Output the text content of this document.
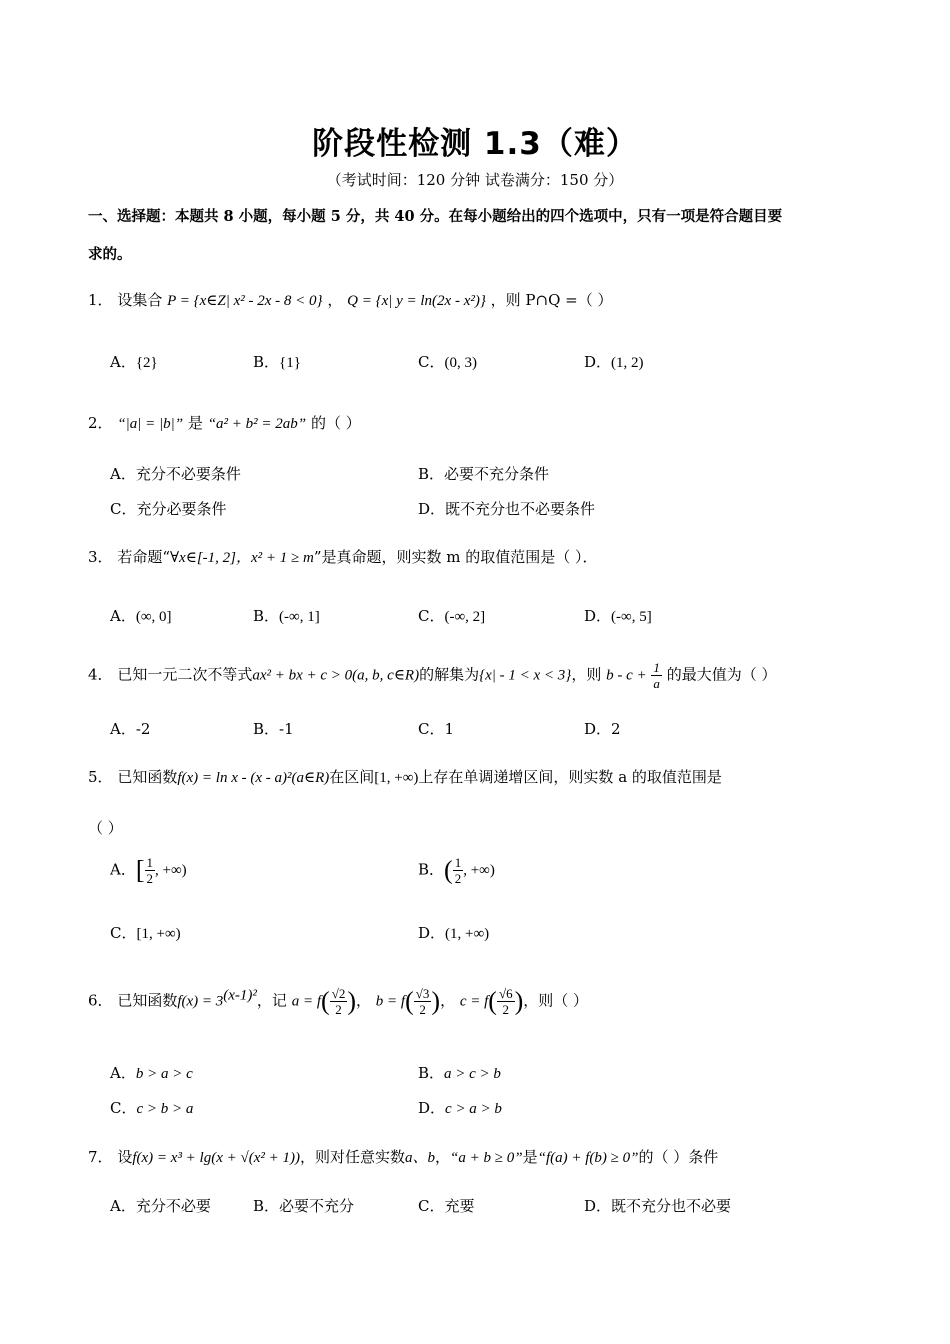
阶段性检测 1.3（难）
（考试时间：120 分钟 试卷满分：150 分）
一、选择题：本题共 8 小题，每小题 5 分，共 40 分。在每小题给出的四个选项中，只有一项是符合题目要
求的。
1． 设集合 P = {x∈Z| x² - 2x - 8 < 0} ， Q = {x| y = ln(2x - x²)} ，则 P∩Q =（ ）
A．{2}	B．{1}	C．(0, 3)	D．(1, 2)
2． “|a| = |b|” 是 “a² + b² = 2ab” 的（ ）
A．充分不必要条件	B．必要不充分条件
C．充分必要条件	D．既不充分也不必要条件
3． 若命题“∀x∈[-1, 2]，x² + 1 ≥ m”是真命题，则实数 m 的取值范围是（ ）．
A．(∞, 0]	B．(-∞, 1]	C．(-∞, 2]	D．(-∞, 5]
4． 已知一元二次不等式ax² + bx + c > 0(a, b, c∈R)的解集为{x| - 1 < x < 3}，则 $b - c + \frac{1}{a}$ 的最大值为（ ）
A．-2	B．-1	C．1	D．2
5． 已知函数f(x) = ln x - (x - a)²(a∈R)在区间[1, +∞)上存在单调递增区间，则实数 a 的取值范围是
（ ）
A．[ $\frac{1}{2}$ , +∞)	B．( $\frac{1}{2}$ , +∞)
C．[1, +∞)	D．(1, +∞)
6． 已知函数$f(x) = 3^{(x-1)^2}$，记 $a = f( \frac{√2}{2}$ )， $b = f( \frac{√3}{2}$ )， $c = f( \frac{√6}{2}$ )，则（ ）
A．b > a > c	B．a > c > b
C．c > b > a	D．c > a > b
7． 设f(x) = x³ + lg(x + √(x² + 1))，则对任意实数a、b，“a + b ≥ 0”是“f(a) + f(b) ≥ 0”的（ ）条件
A．充分不必要	B．必要不充分	C．充要	D．既不充分也不必要
